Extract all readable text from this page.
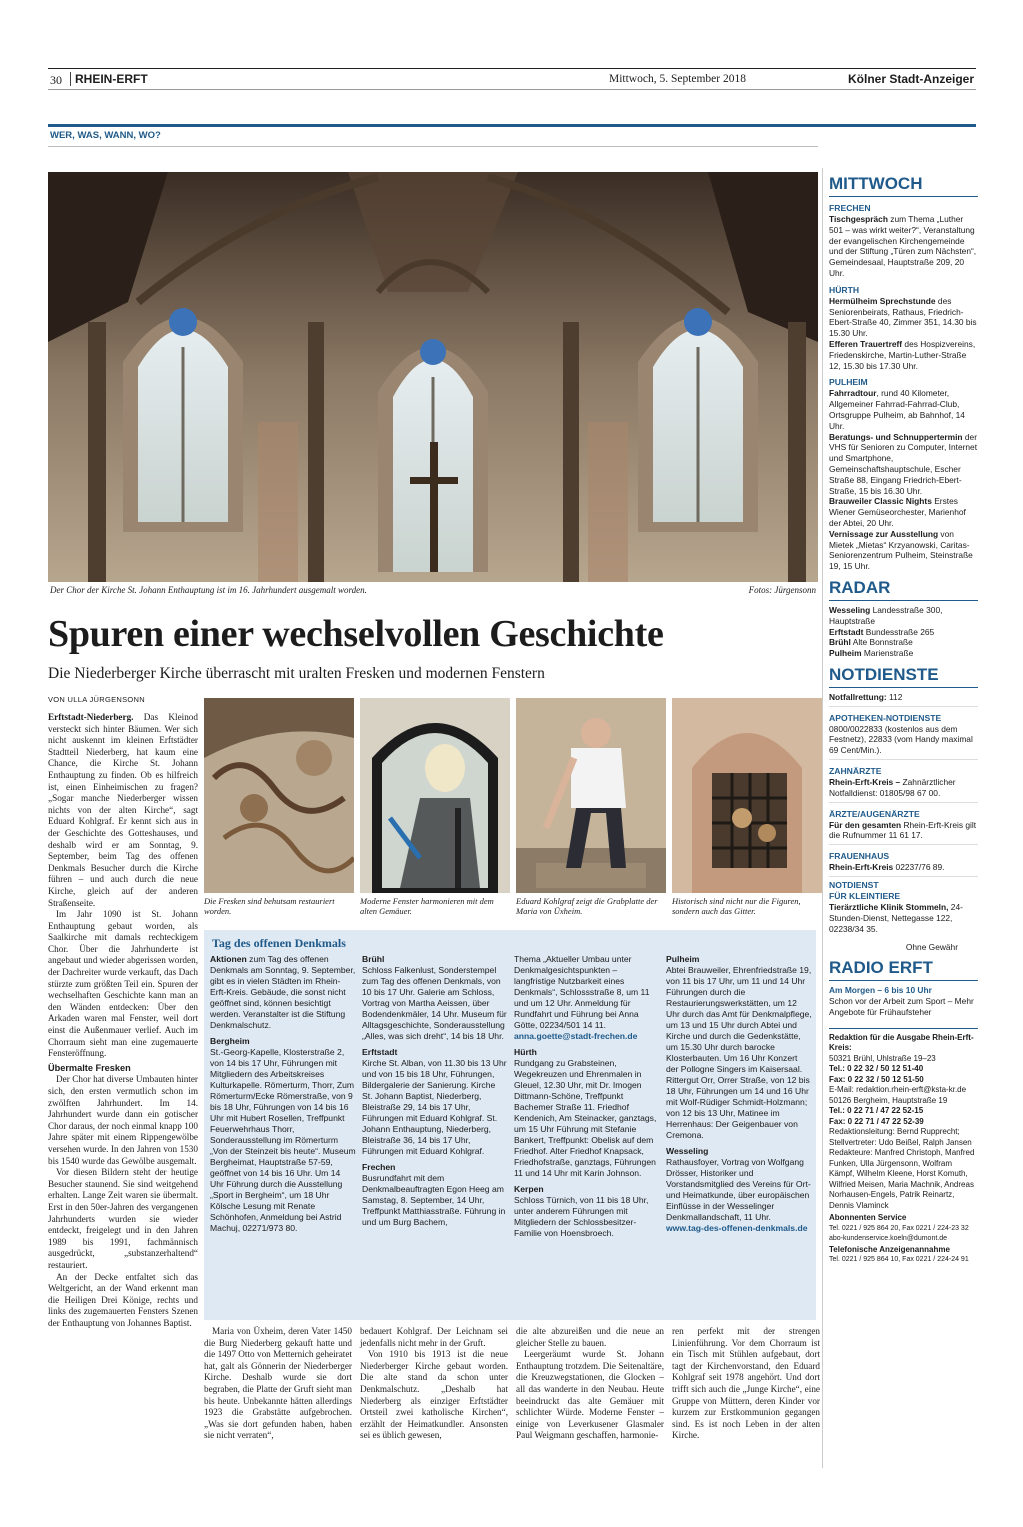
30	RHEIN-ERFT	Mittwoch, 5. September 2018	Kölner Stadt-Anzeiger
WER, WAS, WANN, WO?
Der Chor der Kirche St. Johann Enthauptung ist im 16. Jahrhundert ausgemalt worden.	Fotos: Jürgensonn
Spuren einer wechselvollen Geschichte
Die Niederberger Kirche überrascht mit uralten Fresken und modernen Fenstern
VON ULLA JÜRGENSONN

Erftstadt-Niederberg. Das Kleinod versteckt sich hinter Bäumen. Wer sich nicht auskennt im kleinen Erftstädter Stadtteil Niederberg, hat kaum eine Chance, die Kirche St. Johann Enthauptung zu finden. Ob es hilfreich ist, einen Einheimischen zu fragen? „Sogar manche Niederberger wissen nichts von der alten Kirche“, sagt Eduard Kohlgraf. Er kennt sich aus in der Geschichte des Gotteshauses, und deshalb wird er am Sonntag, 9. September, beim Tag des offenen Denkmals Besucher durch die Kirche führen – und auch durch die neue Kirche, gleich auf der anderen Straßenseite.

Im Jahr 1090 ist St. Johann Enthauptung gebaut worden, als Saalkirche mit damals rechteckigem Chor. Über die Jahrhunderte ist angebaut und wieder abgerissen worden, der Dachreiter wurde verkauft, das Dach stürzte zum größten Teil ein. Spuren der wechselhaften Geschichte kann man an den Wänden entdecken: Über den Arkaden waren mal Fenster, weil dort einst die Außenmauer verlief. Auch im Chorraum sieht man eine zugemauerte Fensteröffnung.

Übermalte Fresken

Der Chor hat diverse Umbauten hinter sich, den ersten vermutlich schon im zwölften Jahrhundert. Im 14. Jahrhundert wurde dann ein gotischer Chor daraus, der noch einmal knapp 100 Jahre später mit einem Rippengewölbe versehen wurde. In den Jahren von 1530 bis 1540 wurde das Gewölbe ausgemalt.

Vor diesen Bildern steht der heutige Besucher staunend. Sie sind weitgehend erhalten. Lange Zeit waren sie übermalt. Erst in den 50er-Jahren des vergangenen Jahrhunderts wurden sie wieder entdeckt, freigelegt und in den Jahren 1989 bis 1991, fachmännisch ausgedrückt, „substanzerhaltend“ restauriert.

An der Decke entfaltet sich das Weltgericht, an der Wand erkennt man die Heiligen Drei Könige, rechts und links des zugemauerten Fensters Szenen der Enthauptung von Johannes Baptist.

Die Fresken sind behutsam restauriert worden.
Moderne Fenster harmonieren mit dem alten Gemäuer.
Eduard Kohlgraf zeigt die Grabplatte der Maria von Üxheim.
Historisch sind nicht nur die Figuren, sondern auch das Gitter.
Tag des offenen Denkmals
Aktionen zum Tag des offenen Denkmals am Sonntag, 9. September, gibt es in vielen Städten im Rhein-Erft-Kreis. Gebäude, die sonst nicht geöffnet sind, können besichtigt werden. Veranstalter ist die Stiftung Denkmalschutz.
Bergheim
St.-Georg-Kapelle, Klosterstraße 2, von 14 bis 17 Uhr, Führungen mit Mitgliedern des Arbeitskreises Kulturkapelle. Römerturm, Thorr, Zum Römerturm/Ecke Römerstraße, von 9 bis 18 Uhr, Führungen von 14 bis 16 Uhr mit Hubert Rosellen, Treffpunkt Feuerwehrhaus Thorr, Sonderausstellung im Römerturm „Von der Steinzeit bis heute“. Museum Bergheimat, Hauptstraße 57-59, geöffnet von 14 bis 16 Uhr. Um 14 Uhr Führung durch die Ausstellung „Sport in Bergheim“, um 18 Uhr Kölsche Lesung mit Renate Schönhofen, Anmeldung bei Astrid Machuj, 02271/973 80.
Brühl
Schloss Falkenlust, Sonderstempel zum Tag des offenen Denkmals, von 10 bis 17 Uhr. Galerie am Schloss, Vortrag von Martha Aeissen, über Bodendenkmäler, 14 Uhr. Museum für Alltagsgeschichte, Sonderausstellung „Alles, was sich dreht“, 14 bis 18 Uhr.
Erftstadt
Kirche St. Alban, von 11.30 bis 13 Uhr und von 15 bis 18 Uhr, Führungen, Bildergalerie der Sanierung. Kirche St. Johann Baptist, Niederberg, Bleistraße 29, 14 bis 17 Uhr, Führungen mit Eduard Kohlgraf. St. Johann Enthauptung, Niederberg, Bleistraße 36, 14 bis 17 Uhr, Führungen mit Eduard Kohlgraf.
Frechen
Busrundfahrt mit dem Denkmalbeauftragten Egon Heeg am Samstag, 8. September, 14 Uhr, Treffpunkt Matthiasstraße. Führung in und um Burg Bachem,
Thema „Aktueller Umbau unter Denkmalgesichtspunkten – langfristige Nutzbarkeit eines Denkmals“, Schlossstraße 8, um 11 und um 12 Uhr. Anmeldung für Rundfahrt und Führung bei Anna Götte, 02234/501 14 11.
anna.goette@stadt-frechen.de
Hürth
Rundgang zu Grabsteinen, Wegekreuzen und Ehrenmalen in Gleuel, 12.30 Uhr, mit Dr. Imogen Dittmann-Schöne, Treffpunkt Bachemer Straße 11. Friedhof Kendenich, Am Steinacker, ganztags, um 15 Uhr Führung mit Stefanie Bankert, Treffpunkt: Obelisk auf dem Friedhof. Alter Friedhof Knapsack, Friedhofstraße, ganztags, Führungen 11 und 14 Uhr mit Karin Johnson.
Kerpen
Schloss Türnich, von 11 bis 18 Uhr, unter anderem Führungen mit Mitgliedern der Schlossbesitzer-Familie von Hoensbroech.
Pulheim
Abtei Brauweiler, Ehrenfriedstraße 19, von 11 bis 17 Uhr, um 11 und 14 Uhr Führungen durch die Restaurierungswerkstätten, um 12 Uhr durch das Amt für Denkmalpflege, um 13 und 15 Uhr durch Abtei und Kirche und durch die Gedenkstätte, um 15.30 Uhr durch barocke Klosterbauten. Um 16 Uhr Konzert der Pollogne Singers im Kaisersaal. Rittergut Orr, Orrer Straße, von 12 bis 18 Uhr, Führungen um 14 und 16 Uhr mit Wolf-Rüdiger Schmidt-Holzmann; von 12 bis 13 Uhr, Matinee im Herrenhaus: Der Geigenbauer von Cremona.
Wesseling
Rathausfoyer, Vortrag von Wolfgang Drösser, Historiker und Vorstandsmitglied des Vereins für Ort- und Heimatkunde, über europäischen Einflüsse in der Wesselinger Denkmallandschaft, 11 Uhr.
www.tag-des-offenen-denkmals.de

Maria von Üxheim, deren Vater 1450 die Burg Niederberg gekauft hatte und die 1497 Otto von Metternich geheiratet hat, galt als Gönnerin der Niederberger Kirche. Deshalb wurde sie dort begraben, die Platte der Gruft sieht man bis heute. Unbekannte hätten allerdings 1923 die Grabstätte aufgebrochen. „Was sie dort gefunden haben, haben sie nicht verraten“,

bedauert Kohlgraf. Der Leichnam sei jedenfalls nicht mehr in der Gruft.

Von 1910 bis 1913 ist die neue Niederberger Kirche gebaut worden. Die alte stand da schon unter Denkmalschutz. „Deshalb hat Niederberg als einziger Erftstädter Ortsteil zwei katholische Kirchen“, erzählt der Heimatkundler. Ansonsten sei es üblich gewesen,

die alte abzureißen und die neue an gleicher Stelle zu bauen.

Leergeräumt wurde St. Johann Enthauptung trotzdem. Die Seitenaltäre, die Kreuzwegstationen, die Glocken – all das wanderte in den Neubau. Heute beeindruckt das alte Gemäuer mit schlichter Würde. Moderne Fenster – einige von Leverkusener Glasmaler Paul Weigmann geschaffen, harmonie-

ren perfekt mit der strengen Linienführung. Vor dem Chorraum ist ein Tisch mit Stühlen aufgebaut, dort tagt der Kirchenvorstand, den Eduard Kohlgraf seit 1978 angehört. Und dort trifft sich auch die „Junge Kirche“, eine Gruppe von Müttern, deren Kinder vor kurzem zur Erstkommunion gegangen sind. Es ist noch Leben in der alten Kirche.

MITTWOCH
FRECHEN
Tischgespräch zum Thema „Luther 501 – was wirkt weiter?“, Veranstaltung der evangelischen Kirchengemeinde und der Stiftung „Türen zum Nächsten“, Gemeindesaal, Hauptstraße 209, 20 Uhr.
HÜRTH
Hermülheim Sprechstunde des Seniorenbeirats, Rathaus, Friedrich-Ebert-Straße 40, Zimmer 351, 14.30 bis 15.30 Uhr.
Efferen Trauertreff des Hospizvereins, Friedenskirche, Martin-Luther-Straße 12, 15.30 bis 17.30 Uhr.
PULHEIM
Fahrradtour, rund 40 Kilometer, Allgemeiner Fahrrad-Fahrrad-Club, Ortsgruppe Pulheim, ab Bahnhof, 14 Uhr.
Beratungs- und Schnuppertermin der VHS für Senioren zu Computer, Internet und Smartphone, Gemeinschaftshauptschule, Escher Straße 88, Eingang Friedrich-Ebert-Straße, 15 bis 16.30 Uhr.
Brauweiler Classic Nights Erstes Wiener Gemüseorchester, Marienhof der Abtei, 20 Uhr.
Vernissage zur Ausstellung von Mietek „Mietas“ Krzyanowski, Caritas-Seniorenzentrum Pulheim, Steinstraße 19, 15 Uhr.
RADAR
Wesseling Landesstraße 300, Hauptstraße
Erftstadt Bundesstraße 265
Brühl Alte Bonnstraße
Pulheim Marienstraße
NOTDIENSTE
Notfallrettung: 112
APOTHEKEN-NOTDIENSTE
0800/0022833 (kostenlos aus dem Festnetz), 22833 (vom Handy maximal 69 Cent/Min.).
ZAHNÄRZTE
Rhein-Erft-Kreis – Zahnärztlicher Notfalldienst: 01805/98 67 00.
ÄRZTE/AUGENÄRZTE
Für den gesamten Rhein-Erft-Kreis gilt die Rufnummer 11 61 17.
FRAUENHAUS
Rhein-Erft-Kreis 02237/76 89.
NOTDIENST
FÜR KLEINTIERE
Tierärztliche Klinik Stommeln, 24-Stunden-Dienst, Nettegasse 122, 02238/34 35.
Ohne Gewähr
RADIO ERFT
Am Morgen – 6 bis 10 Uhr
Schon vor der Arbeit zum Sport – Mehr Angebote für Frühaufsteher
Redaktion für die Ausgabe Rhein-Erft-Kreis:
50321 Brühl, Uhlstraße 19–23
Tel.: 0 22 32 / 50 12 51-40
Fax: 0 22 32 / 50 12 51-50
E-Mail: redaktion.rhein-erft@ksta-kr.de
50126 Bergheim, Hauptstraße 19
Tel.: 0 22 71 / 47 22 52-15
Fax: 0 22 71 / 47 22 52-39
Redaktionsleitung: Bernd Rupprecht; Stellvertreter: Udo Beißel, Ralph Jansen
Redakteure: Manfred Christoph, Manfred Funken, Ulla Jürgensonn, Wolfram Kämpf, Wilhelm Kleene, Horst Komuth, Wilfried Meisen, Maria Machnik, Andreas Norhausen-Engels, Patrik Reinartz, Dennis Vlaminck
Abonnenten Service
Tel. 0221 / 925 864 20, Fax 0221 / 224-23 32 abo-kundenservice.koeln@dumont.de
Telefonische Anzeigenannahme
Tel. 0221 / 925 864 10, Fax 0221 / 224-24 91
